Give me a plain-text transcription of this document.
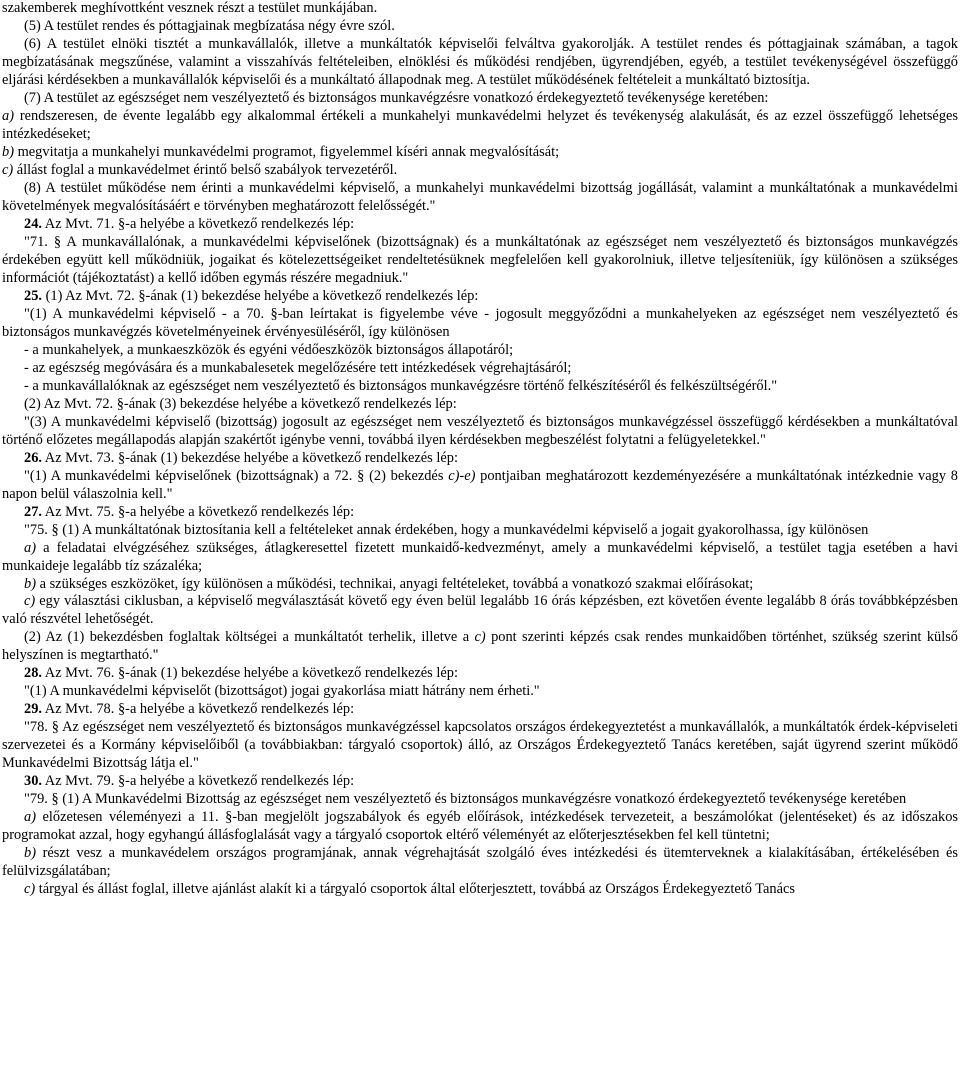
szakemberek meghívottként vesznek részt a testület munkájában.

(5) A testület rendes és póttagjainak megbízatása négy évre szól.

(6) A testület elnöki tisztét a munkavállalók, illetve a munkáltatók képviselői felváltva gyakorolják. A testület rendes és póttagjainak számában, a tagok megbízatásának megszűnése, valamint a visszahívás feltételeiben, elnöklési és működési rendjében, ügyrendjében, egyéb, a testület tevékenységével összefüggő eljárási kérdésekben a munkavállalók képviselői és a munkáltató állapodnak meg. A testület működésének feltételeit a munkáltató biztosítja.

(7) A testület az egészséget nem veszélyeztető és biztonságos munkavégzésre vonatkozó érdekegyeztető tevékenysége keretében:

a) rendszeresen, de évente legalább egy alkalommal értékeli a munkahelyi munkavédelmi helyzet és tevékenység alakulását, és az ezzel összefüggő lehetséges intézkedéseket;

b) megvitatja a munkahelyi munkavédelmi programot, figyelemmel kíséri annak megvalósítását;

c) állást foglal a munkavédelmet érintő belső szabályok tervezetéről.

(8) A testület működése nem érinti a munkavédelmi képviselő, a munkahelyi munkavédelmi bizottság jogállását, valamint a munkáltatónak a munkavédelmi követelmények megvalósításáért e törvényben meghatározott felelősségét."

24. Az Mvt. 71. §-a helyébe a következő rendelkezés lép:

"71. § A munkavállalónak, a munkavédelmi képviselőnek (bizottságnak) és a munkáltatónak az egészséget nem veszélyeztető és biztonságos munkavégzés érdekében együtt kell működniük, jogaikat és kötelezettségeiket rendeltetésüknek megfelelően kell gyakorolniuk, illetve teljesíteniük, így különösen a szükséges információt (tájékoztatást) a kellő időben egymás részére megadniuk."

25. (1) Az Mvt. 72. §-ának (1) bekezdése helyébe a következő rendelkezés lép:

"(1) A munkavédelmi képviselő - a 70. §-ban leírtakat is figyelembe véve - jogosult meggyőződni a munkahelyeken az egészséget nem veszélyeztető és biztonságos munkavégzés követelményeinek érvényesüléséről, így különösen

- a munkahelyek, a munkaeszközök és egyéni védőeszközök biztonságos állapotáról;

- az egészség megóvására és a munkabalesetek megelőzésére tett intézkedések végrehajtásáról;

- a munkavállalóknak az egészséget nem veszélyeztető és biztonságos munkavégzésre történő felkészítéséről és felkészültségéről."

(2) Az Mvt. 72. §-ának (3) bekezdése helyébe a következő rendelkezés lép:

"(3) A munkavédelmi képviselő (bizottság) jogosult az egészséget nem veszélyeztető és biztonságos munkavégzéssel összefüggő kérdésekben a munkáltatóval történő előzetes megállapodás alapján szakértőt igénybe venni, továbbá ilyen kérdésekben megbeszélést folytatni a felügyeletekkel."

26. Az Mvt. 73. §-ának (1) bekezdése helyébe a következő rendelkezés lép:

"(1) A munkavédelmi képviselőnek (bizottságnak) a 72. § (2) bekezdés c)-e) pontjaiban meghatározott kezdeményezésére a munkáltatónak intézkednie vagy 8 napon belül válaszolnia kell."

27. Az Mvt. 75. §-a helyébe a következő rendelkezés lép:

"75. § (1) A munkáltatónak biztosítania kell a feltételeket annak érdekében, hogy a munkavédelmi képviselő a jogait gyakorolhassa, így különösen

a) a feladatai elvégzéséhez szükséges, átlagkeresettel fizetett munkaidő-kedvezményt, amely a munkavédelmi képviselő, a testület tagja esetében a havi munkaideje legalább tíz százaléka;

b) a szükséges eszközöket, így különösen a működési, technikai, anyagi feltételeket, továbbá a vonatkozó szakmai előírásokat;

c) egy választási ciklusban, a képviselő megválasztását követő egy éven belül legalább 16 órás képzésben, ezt követően évente legalább 8 órás továbbképzésben való részvétel lehetőségét.

(2) Az (1) bekezdésben foglaltak költségei a munkáltatót terhelik, illetve a c) pont szerinti képzés csak rendes munkaidőben történhet, szükség szerint külső helyszínen is megtartható."

28. Az Mvt. 76. §-ának (1) bekezdése helyébe a következő rendelkezés lép:

"(1) A munkavédelmi képviselőt (bizottságot) jogai gyakorlása miatt hátrány nem érheti."

29. Az Mvt. 78. §-a helyébe a következő rendelkezés lép:

"78. § Az egészséget nem veszélyeztető és biztonságos munkavégzéssel kapcsolatos országos érdekegyeztetést a munkavállalók, a munkáltatók érdek-képviseleti szervezetei és a Kormány képviselőiből (a továbbiakban: tárgyaló csoportok) álló, az Országos Érdekegyeztető Tanács keretében, saját ügyrend szerint működő Munkavédelmi Bizottság látja el."

30. Az Mvt. 79. §-a helyébe a következő rendelkezés lép:

"79. § (1) A Munkavédelmi Bizottság az egészséget nem veszélyeztető és biztonságos munkavégzésre vonatkozó érdekegyeztető tevékenysége keretében

a) előzetesen véleményezi a 11. §-ban megjelölt jogszabályok és egyéb előírások, intézkedések tervezeteit, a beszámolókat (jelentéseket) és az időszakos programokat azzal, hogy egyhangú állásfoglalását vagy a tárgyaló csoportok eltérő véleményét az előterjesztésekben fel kell tüntetni;

b) részt vesz a munkavédelem országos programjának, annak végrehajtását szolgáló éves intézkedési és ütemterveknek a kialakításában, értékelésében és felülvizsgálatában;

c) tárgyal és állást foglal, illetve ajánlást alakít ki a tárgyaló csoportok által előterjesztett, továbbá az Országos Érdekegyeztető Tanács
